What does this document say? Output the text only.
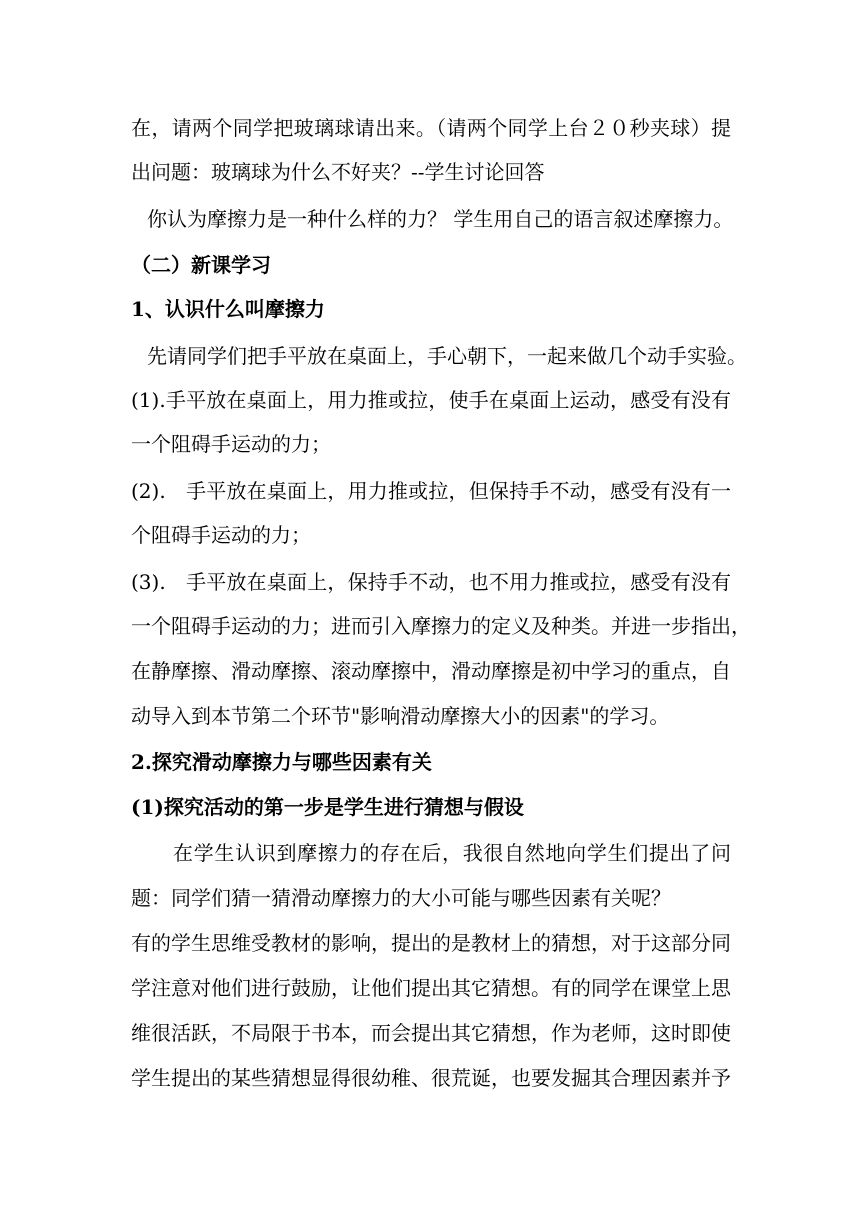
在，请两个同学把玻璃球请出来。（请两个同学上台２０秒夹球）提
出问题：玻璃球为什么不好夹？--学生讨论回答
你认为摩擦力是一种什么样的力？ 学生用自己的语言叙述摩擦力。
（二）新课学习
1、认识什么叫摩擦力
先请同学们把手平放在桌面上，手心朝下，一起来做几个动手实验。
(1).手平放在桌面上，用力推或拉，使手在桌面上运动，感受有没有
一个阻碍手运动的力；
(2).　手平放在桌面上，用力推或拉，但保持手不动，感受有没有一
个阻碍手运动的力；
(3).　手平放在桌面上，保持手不动，也不用力推或拉，感受有没有
一个阻碍手运动的力；进而引入摩擦力的定义及种类。并进一步指出，
在静摩擦、滑动摩擦、滚动摩擦中，滑动摩擦是初中学习的重点，自
动导入到本节第二个环节"影响滑动摩擦大小的因素"的学习。
2.探究滑动摩擦力与哪些因素有关
(1)探究活动的第一步是学生进行猜想与假设
在学生认识到摩擦力的存在后，我很自然地向学生们提出了问
题：同学们猜一猜滑动摩擦力的大小可能与哪些因素有关呢？
有的学生思维受教材的影响，提出的是教材上的猜想，对于这部分同
学注意对他们进行鼓励，让他们提出其它猜想。有的同学在课堂上思
维很活跃，不局限于书本，而会提出其它猜想，作为老师，这时即使
学生提出的某些猜想显得很幼稚、很荒诞，也要发掘其合理因素并予
